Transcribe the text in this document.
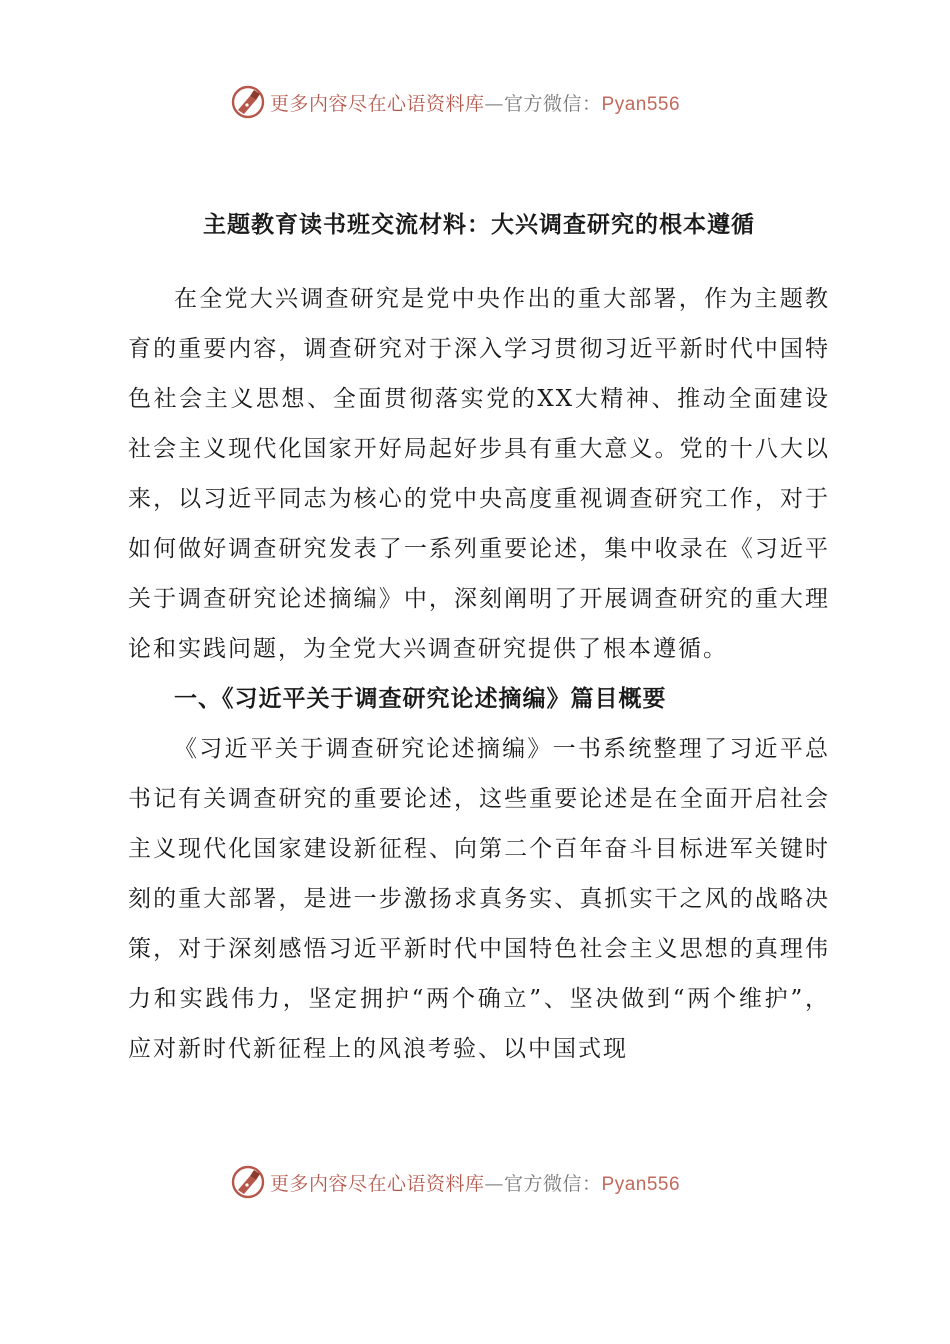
更多内容尽在心语资料库—官方微信：Pyan556
主题教育读书班交流材料：大兴调查研究的根本遵循

在全党大兴调查研究是党中央作出的重大部署，作为主题教育的重要内容，调查研究对于深入学习贯彻习近平新时代中国特色社会主义思想、全面贯彻落实党的XX大精神、推动全面建设社会主义现代化国家开好局起好步具有重大意义。党的十八大以来，以习近平同志为核心的党中央高度重视调查研究工作，对于如何做好调查研究发表了一系列重要论述，集中收录在《习近平关于调查研究论述摘编》中，深刻阐明了开展调查研究的重大理论和实践问题，为全党大兴调查研究提供了根本遵循。

一、《习近平关于调查研究论述摘编》篇目概要

《习近平关于调查研究论述摘编》一书系统整理了习近平总书记有关调查研究的重要论述，这些重要论述是在全面开启社会主义现代化国家建设新征程、向第二个百年奋斗目标进军关键时刻的重大部署，是进一步激扬求真务实、真抓实干之风的战略决策，对于深刻感悟习近平新时代中国特色社会主义思想的真理伟力和实践伟力，坚定拥护“两个确立”、坚决做到“两个维护”，应对新时代新征程上的风浪考验、以中国式现

更多内容尽在心语资料库—官方微信：Pyan556
